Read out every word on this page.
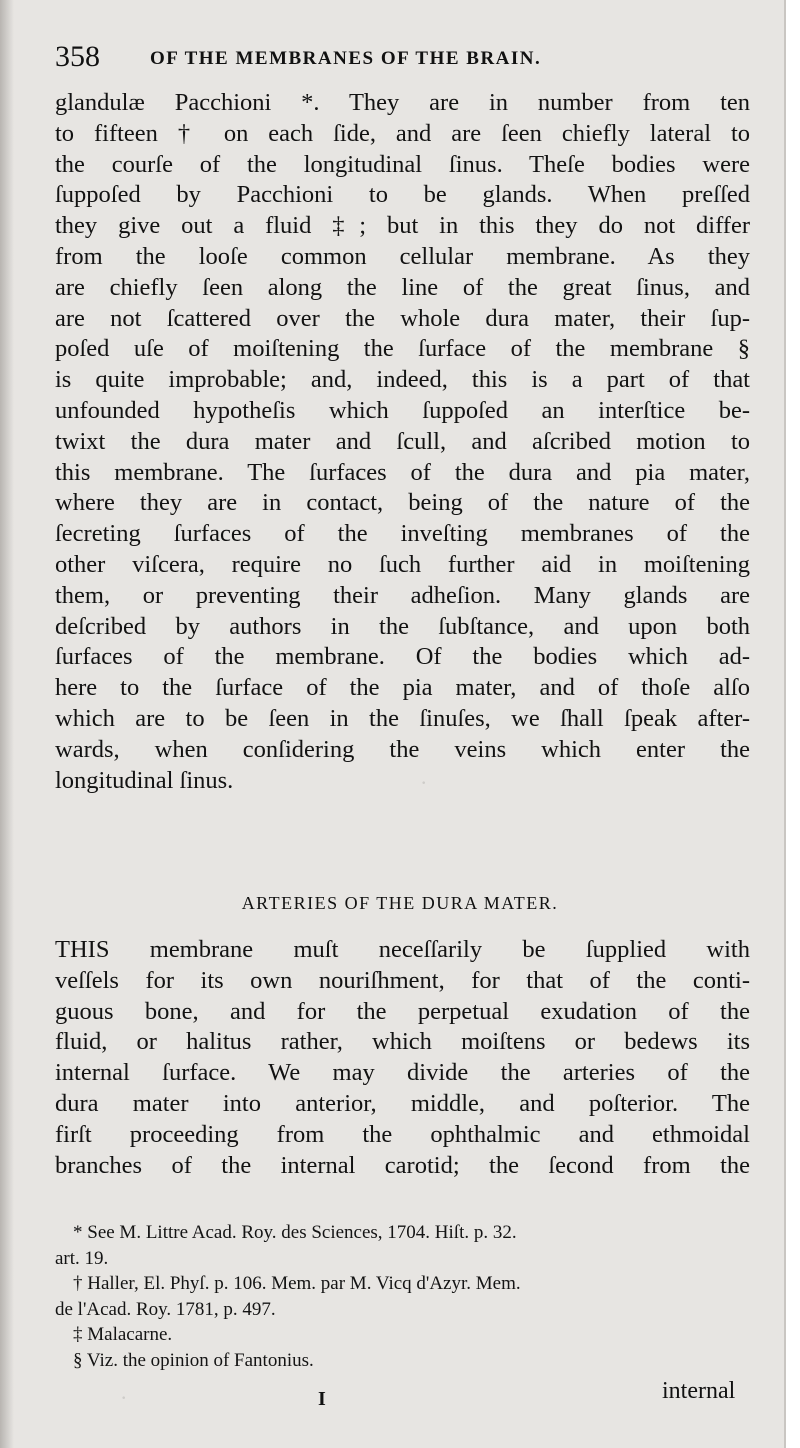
·
·
358	OF THE MEMBRANES OF THE BRAIN.
glandulæ Pacchioni *. They are in number from ten
to fifteen † on each ſide, and are ſeen chiefly lateral to
the courſe of the longitudinal ſinus. Theſe bodies were
ſuppoſed by Pacchioni to be glands. When preſſed
they give out a fluid ‡; but in this they do not differ
from the looſe common cellular membrane. As they
are chiefly ſeen along the line of the great ſinus, and
are not ſcattered over the whole dura mater, their ſup-
poſed uſe of moiſtening the ſurface of the membrane §
is quite improbable; and, indeed, this is a part of that
unfounded hypotheſis which ſuppoſed an interſtice be-
twixt the dura mater and ſcull, and aſcribed motion to
this membrane. The ſurfaces of the dura and pia mater,
where they are in contact, being of the nature of the
ſecreting ſurfaces of the inveſting membranes of the
other viſcera, require no ſuch further aid in moiſtening
them, or preventing their adheſion. Many glands are
deſcribed by authors in the ſubſtance, and upon both
ſurfaces of the membrane. Of the bodies which ad-
here to the ſurface of the pia mater, and of thoſe alſo
which are to be ſeen in the ſinuſes, we ſhall ſpeak after-
wards, when conſidering the veins which enter the
longitudinal ſinus.
ARTERIES OF THE DURA MATER.
THIS membrane muſt neceſſarily be ſupplied with
veſſels for its own nouriſhment, for that of the conti-
guous bone, and for the perpetual exudation of the
fluid, or halitus rather, which moiſtens or bedews its
internal ſurface. We may divide the arteries of the
dura mater into anterior, middle, and poſterior. The
firſt proceeding from the ophthalmic and ethmoidal
branches of the internal carotid; the ſecond from the
* See M. Littre Acad. Roy. des Sciences, 1704. Hiſt. p. 32.
art. 19.
† Haller, El. Phyſ. p. 106. Mem. par M. Vicq d'Azyr. Mem.
de l'Acad. Roy. 1781, p. 497.
‡ Malacarne.
§ Viz. the opinion of Fantonius.
I	internal
